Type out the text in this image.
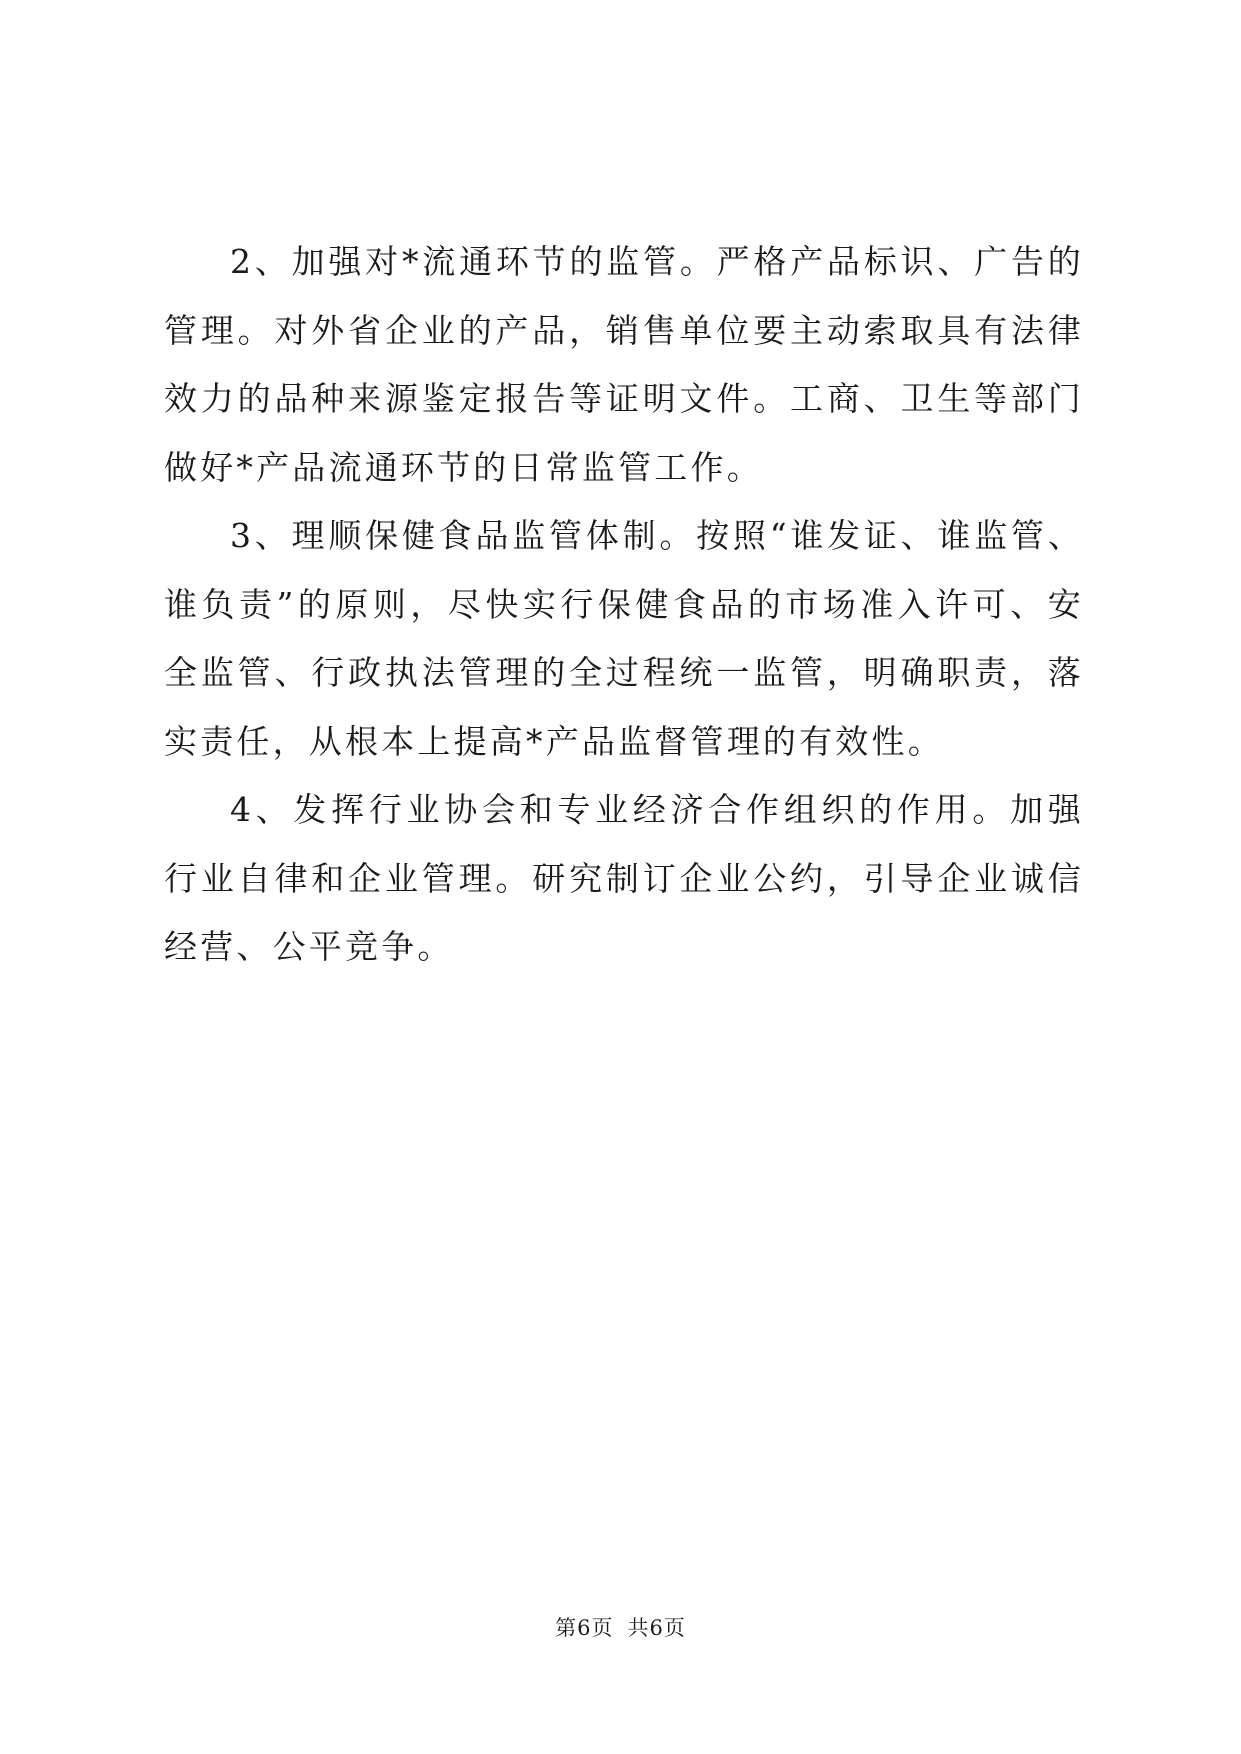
2、加强对*流通环节的监管。严格产品标识、广告的管理。对外省企业的产品，销售单位要主动索取具有法律效力的品种来源鉴定报告等证明文件。工商、卫生等部门做好*产品流通环节的日常监管工作。

3、理顺保健食品监管体制。按照“谁发证、谁监管、谁负责”的原则，尽快实行保健食品的市场准入许可、安全监管、行政执法管理的全过程统一监管，明确职责，落实责任，从根本上提高*产品监督管理的有效性。

4、发挥行业协会和专业经济合作组织的作用。加强行业自律和企业管理。研究制订企业公约，引导企业诚信经营、公平竞争。

第6页 共6页
